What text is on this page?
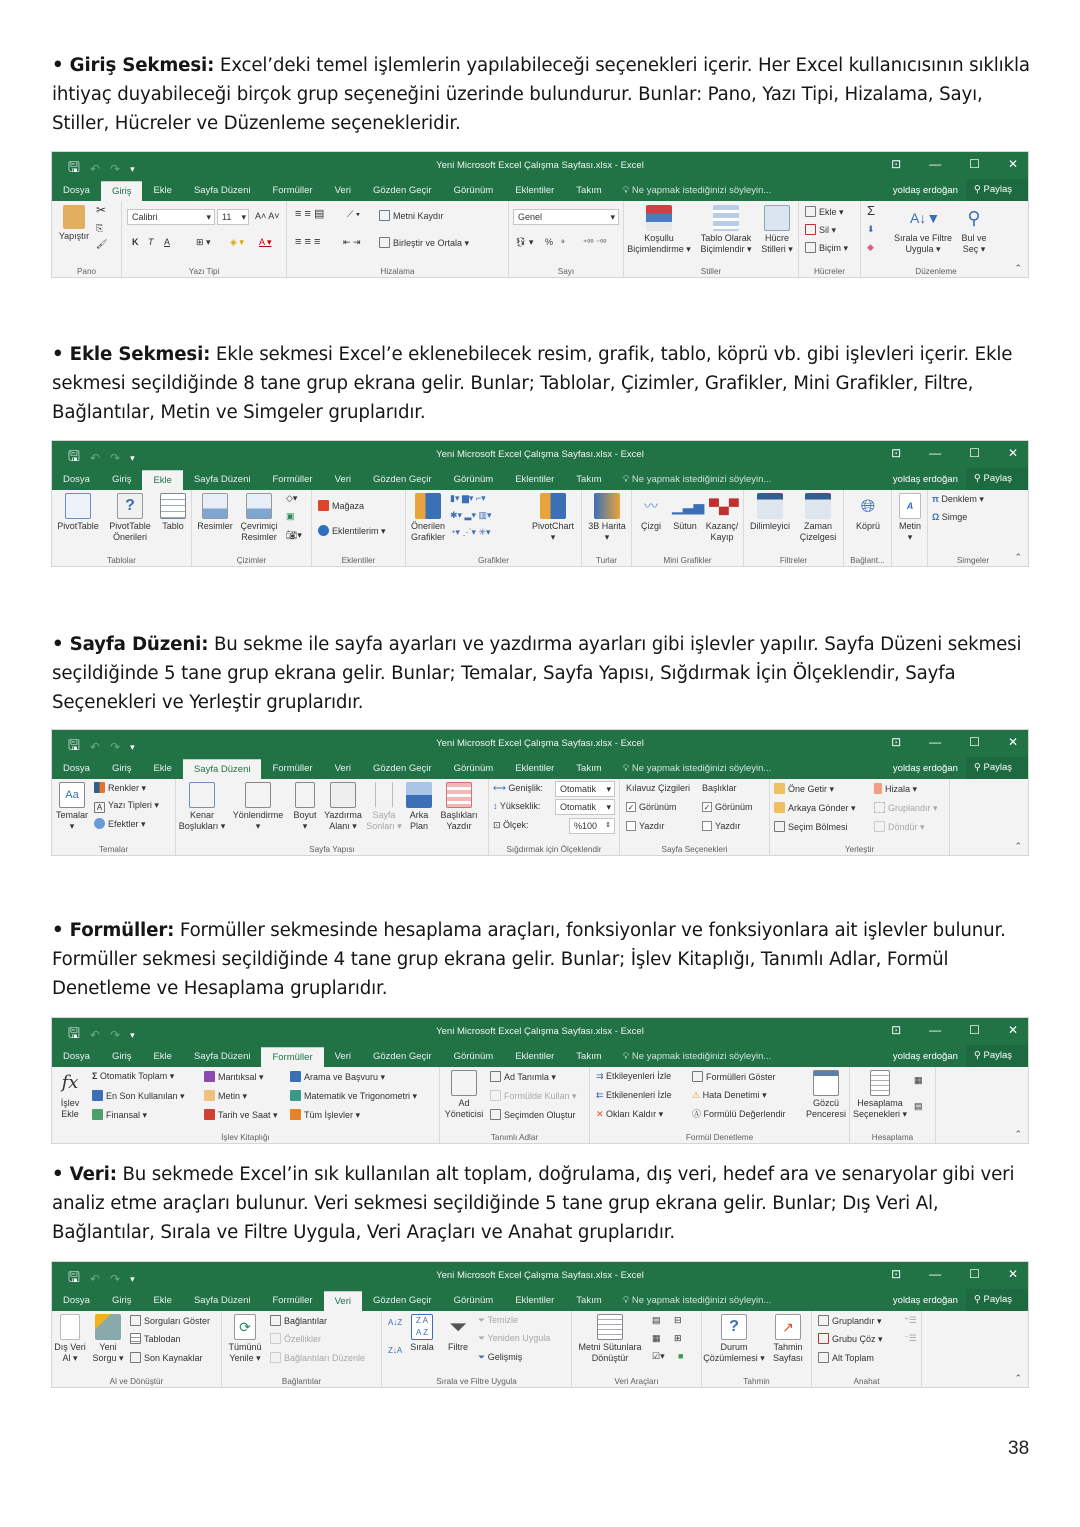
• Giriş Sekmesi: Excel’deki temel işlemlerin yapılabileceği seçenekleri içerir. Her Excel kullanıcısının sıklıkla ihtiyaç duyabileceği birçok grup seçeneğini üzerinde bulundurur. Bunlar: Pano, Yazı Tipi, Hizalama, Sayı, Stiller, Hücreler ve Düzenleme seçenekleridir.

🖫 ↶ ↷ ▾	Yeni Microsoft Excel Çalışma Sayfası.xlsx - Excel	⊡ — ☐ ✕
Dosya	Giriş	Ekle	Sayfa Düzeni	Formüller	Veri	Gözden Geçir	Görünüm	Eklentiler	Takım	💡︎ Ne yapmak istediğinizi söyleyin...	yoldaş erdoğan	⚲ Paylaş
Yapıştır
✂
⎘
🖌︎
Pano
Calibri	▾	11 ▾ A˄ A˅
K T A	⊞ ▾ ◈ ▾ A ▾
Yazı Tipi
≡ ≡ ▤	⟋ ▾
≡ ≡ ≡	⇤ ⇥
Metni Kaydır
Birleştir ve Ortala ▾
Hizalama
Genel	▾
💱︎ ▾ % ⁹ ⁺⁰⁰ ⁻⁰⁰
Sayı
Koşullu
Biçimlendirme ▾
Tablo Olarak
Biçimlendir ▾
Hücre
Stilleri ▾
Stiller
Ekle ▾
Sil ▾
Biçim ▾
Hücreler
Σ
⬇
◆
A↓▼
Sırala ve Filtre
Uygula ▾
⚲
Bul ve
Seç ▾
Düzenleme	⌃

• Ekle Sekmesi: Ekle sekmesi Excel’e eklenebilecek resim, grafik, tablo, köprü vb. gibi işlevleri içerir. Ekle sekmesi seçildiğinde 8 tane grup ekrana gelir. Bunlar; Tablolar, Çizimler, Grafikler, Mini Grafikler, Filtre, Bağlantılar, Metin ve Simgeler gruplarıdır.

🖫 ↶ ↷ ▾	Yeni Microsoft Excel Çalışma Sayfası.xlsx - Excel	⊡ — ☐ ✕
Dosya	Giriş	Ekle	Sayfa Düzeni	Formüller	Veri	Gözden Geçir	Görünüm	Eklentiler	Takım	💡︎ Ne yapmak istediğinizi söyleyin...	yoldaş erdoğan	⚲ Paylaş
PivotTable
?
PivotTable
Önerileri
Tablo
Tablolar
Resimler Çevrimiçi
Resimler
◇▾
▣
📷︎▾
Çizimler
Mağaza
Eklentilerim ▾
Eklentiler
Önerilen
Grafikler
▮▾ ▆▾ ⌐▾
✱▾ ▂▾ ▥▾
◔▾ ⋰▾ ✳▾
PivotChart
▾
Grafikler
3B Harita
▾
Turlar
〰
Çizgi
▁▃▅
Sütun
▀▄▀
Kazanç/
Kayıp
Mini Grafikler
Dilimleyici	Zaman
Çizelgesi
Filtreler
🌐︎
Köprü
Bağlant...
A
Metin
▾
π Denklem ▾
Ω Simge
Simgeler	⌃

• Sayfa Düzeni: Bu sekme ile sayfa ayarları ve yazdırma ayarları gibi işlevler yapılır. Sayfa Düzeni sekmesi seçildiğinde 5 tane grup ekrana gelir. Bunlar; Temalar, Sayfa Yapısı, Sığdırmak İçin Ölçeklendir, Sayfa Seçenekleri ve Yerleştir gruplarıdır.

🖫 ↶ ↷ ▾	Yeni Microsoft Excel Çalışma Sayfası.xlsx - Excel	⊡ — ☐ ✕
Dosya	Giriş	Ekle	Sayfa Düzeni	Formüller	Veri	Gözden Geçir	Görünüm	Eklentiler	Takım	💡︎ Ne yapmak istediğinizi söyleyin...	yoldaş erdoğan	⚲ Paylaş
Aa
Temalar
▾
Renkler ▾
A Yazı Tipleri ▾
Efektler ▾
Temalar
Kenar
Boşlukları ▾
Yönlendirme
▾
Boyut
▾
Yazdırma
Alanı ▾
Sayfa
Sonları ▾
Arka
Plan
Başlıkları
Yazdır
Sayfa Yapısı
⟷ Genişlik:	Otomatik ▾
↕ Yükseklik:	Otomatik ▾
⊡ Ölçek:	%100 ⇕
Sığdırmak için Ölçeklendir
Kılavuz Çizgileri Başlıklar
✓ Görünüm	✓ Görünüm
Yazdır	Yazdır
Sayfa Seçenekleri
Öne Getir ▾
Arkaya Gönder ▾
Seçim Bölmesi
Hizala ▾
Gruplandır ▾
Döndür ▾
Yerleştir	⌃

• Formüller: Formüller sekmesinde hesaplama araçları, fonksiyonlar ve fonksiyonlara ait işlevler bulunur. Formüller sekmesi seçildiğinde 4 tane grup ekrana gelir. Bunlar; İşlev Kitaplığı, Tanımlı Adlar, Formül Denetleme ve Hesaplama gruplarıdır.

🖫 ↶ ↷ ▾	Yeni Microsoft Excel Çalışma Sayfası.xlsx - Excel	⊡ — ☐ ✕
Dosya	Giriş	Ekle	Sayfa Düzeni	Formüller	Veri	Gözden Geçir	Görünüm	Eklentiler	Takım	💡︎ Ne yapmak istediğinizi söyleyin...	yoldaş erdoğan	⚲ Paylaş
fx
İşlev
Ekle
Σ Otomatik Toplam ▾
En Son Kullanılan ▾
Finansal ▾
Mantıksal ▾
Metin ▾
Tarih ve Saat ▾
Arama ve Başvuru ▾
Matematik ve Trigonometri ▾
Tüm İşlevler ▾
İşlev Kitaplığı
Ad
Yöneticisi
Ad Tanımla ▾
Formülde Kullan ▾
Seçimden Oluştur
Tanımlı Adlar
⇉ Etkileyenleri İzle
⇇ Etkilenenleri İzle
✕ Okları Kaldır ▾
Formülleri Göster
⚠ Hata Denetimi ▾
Ⓐ Formülü Değerlendir
Gözcü
Penceresi
Formül Denetleme
Hesaplama
Seçenekleri ▾
▦
▤
Hesaplama	⌃

• Veri: Bu sekmede Excel’in sık kullanılan alt toplam, doğrulama, dış veri, hedef ara ve senaryolar gibi veri analiz etme araçları bulunur. Veri sekmesi seçildiğinde 5 tane grup ekrana gelir. Bunlar; Dış Veri Al, Bağlantılar, Sırala ve Filtre Uygula, Veri Araçları ve Anahat gruplarıdır.

🖫 ↶ ↷ ▾	Yeni Microsoft Excel Çalışma Sayfası.xlsx - Excel	⊡ — ☐ ✕
Dosya	Giriş	Ekle	Sayfa Düzeni	Formüller	Veri	Gözden Geçir	Görünüm	Eklentiler	Takım	💡︎ Ne yapmak istediğinizi söyleyin...	yoldaş erdoğan	⚲ Paylaş
Dış Veri
Al ▾
Yeni
Sorgu ▾
Sorguları Göster
Tablodan
Son Kaynaklar
Al ve Dönüştür
⟳
Tümünü
Yenile ▾
Bağlantılar
Özellikler
Bağlantıları Düzenle
Bağlantılar
A↓Z
Z↓A
Z A
A Z
Sırala
⏷
Filtre
⏷ Temizle
⏷ Yeniden Uygula
⏷ Gelişmiş
Sırala ve Filtre Uygula
Metni Sütunlara
Dönüştür
▤ ⊟
▦ ⊞
☑▾ ■
Veri Araçları
?
Durum
Çözümlemesi ▾
↗
Tahmin
Sayfası
Tahmin
Gruplandır ▾
Grubu Çöz ▾
Alt Toplam
⁺☰
⁻☰
Anahat	⌃
38
